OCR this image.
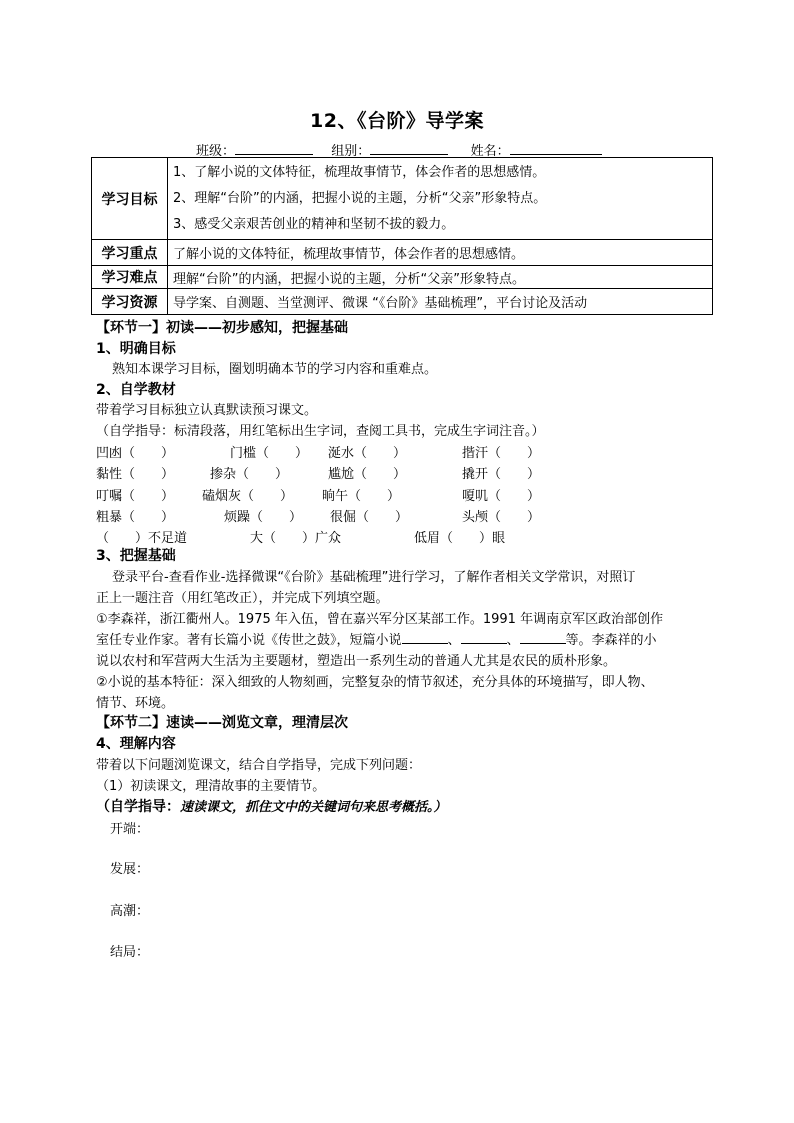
12、《台阶》导学案
班级：	组别：	姓名：
学习目标	1、了解小说的文体特征，梳理故事情节，体会作者的思想感情。
2、理解“台阶”的内涵，把握小说的主题，分析“父亲”形象特点。
3、感受父亲艰苦创业的精神和坚韧不拔的毅力。

学习重点	了解小说的文体特征，梳理故事情节，体会作者的思想感情。
学习难点	理解“台阶”的内涵，把握小说的主题，分析“父亲”形象特点。
学习资源	导学案、自测题、当堂测评、微课 “《台阶》基础梳理”，平台讨论及活动
【环节一】初读——初步感知，把握基础
1、明确目标
熟知本课学习目标，圈划明确本节的学习内容和重难点。
2、自学教材
带着学习目标独立认真默读预习课文。
（自学指导：标清段落，用红笔标出生字词，查阅工具书，完成生字词注音。）
凹凼（　　）	门槛（　　） 涎水（　　）	揩汗（　　）
黏性（　　）	掺杂（　　）	尴尬（　　）	撬开（　　）
叮嘱（　　） 磕烟灰（　　） 晌午（　　）	嗄叽（　　）
粗暴（　　）	烦躁（　　） 很倔（　　）	头颅（　　）
（　　）不足道	大（　　）广众	低眉（　　）眼
3、把握基础
登录平台-查看作业-选择微课“《台阶》基础梳理”进行学习，了解作者相关文学常识，对照订
正上一题注音（用红笔改正），并完成下列填空题。
①李森祥，浙江衢州人。1975 年入伍，曾在嘉兴军分区某部工作。1991 年调南京军区政治部创作
室任专业作家。著有长篇小说《传世之鼓》，短篇小说	、	、	等。李森祥的小
说以农村和军营两大生活为主要题材，塑造出一系列生动的普通人尤其是农民的质朴形象。
②小说的基本特征：深入细致的人物刻画，完整复杂的情节叙述，充分具体的环境描写，即人物、
情节、环境。
【环节二】速读——浏览文章，理清层次
4、理解内容
带着以下问题浏览课文，结合自学指导，完成下列问题：
（1）初读课文，理清故事的主要情节。
（自学指导：速读课文，抓住文中的关键词句来思考概括。）
开端：
发展：
高潮：
结局：
